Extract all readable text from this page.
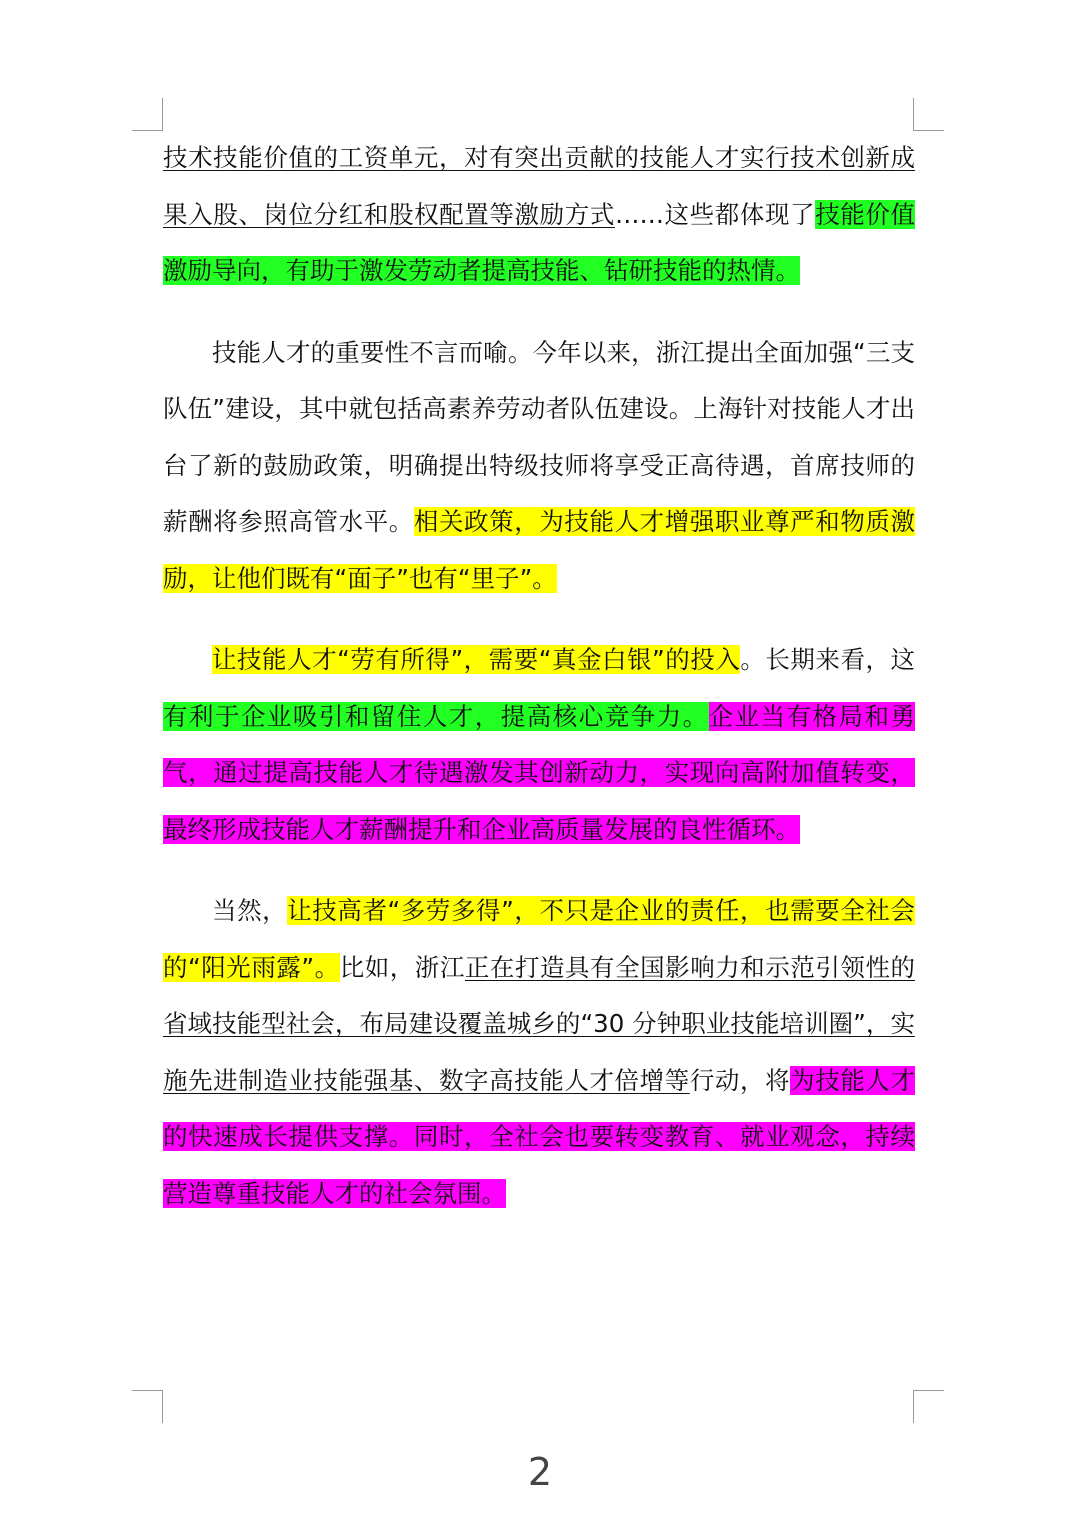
技术技能价值的工资单元，对有突出贡献的技能人才实行技术创新成果入股、岗位分红和股权配置等激励方式……这些都体现了技能价值激励导向，有助于激发劳动者提高技能、钻研技能的热情。

技能人才的重要性不言而喻。今年以来，浙江提出全面加强“三支队伍”建设，其中就包括高素养劳动者队伍建设。上海针对技能人才出台了新的鼓励政策，明确提出特级技师将享受正高待遇，首席技师的薪酬将参照高管水平。相关政策，为技能人才增强职业尊严和物质激励，让他们既有“面子”也有“里子”。

让技能人才“劳有所得”，需要“真金白银”的投入。长期来看，这有利于企业吸引和留住人才，提高核心竞争力。企业当有格局和勇气，通过提高技能人才待遇激发其创新动力，实现向高附加值转变，最终形成技能人才薪酬提升和企业高质量发展的良性循环。

当然，让技高者“多劳多得”，不只是企业的责任，也需要全社会的“阳光雨露”。比如，浙江正在打造具有全国影响力和示范引领性的省域技能型社会，布局建设覆盖城乡的“30 分钟职业技能培训圈”，实施先进制造业技能强基、数字高技能人才倍增等行动，将为技能人才的快速成长提供支撑。同时，全社会也要转变教育、就业观念，持续营造尊重技能人才的社会氛围。

2
